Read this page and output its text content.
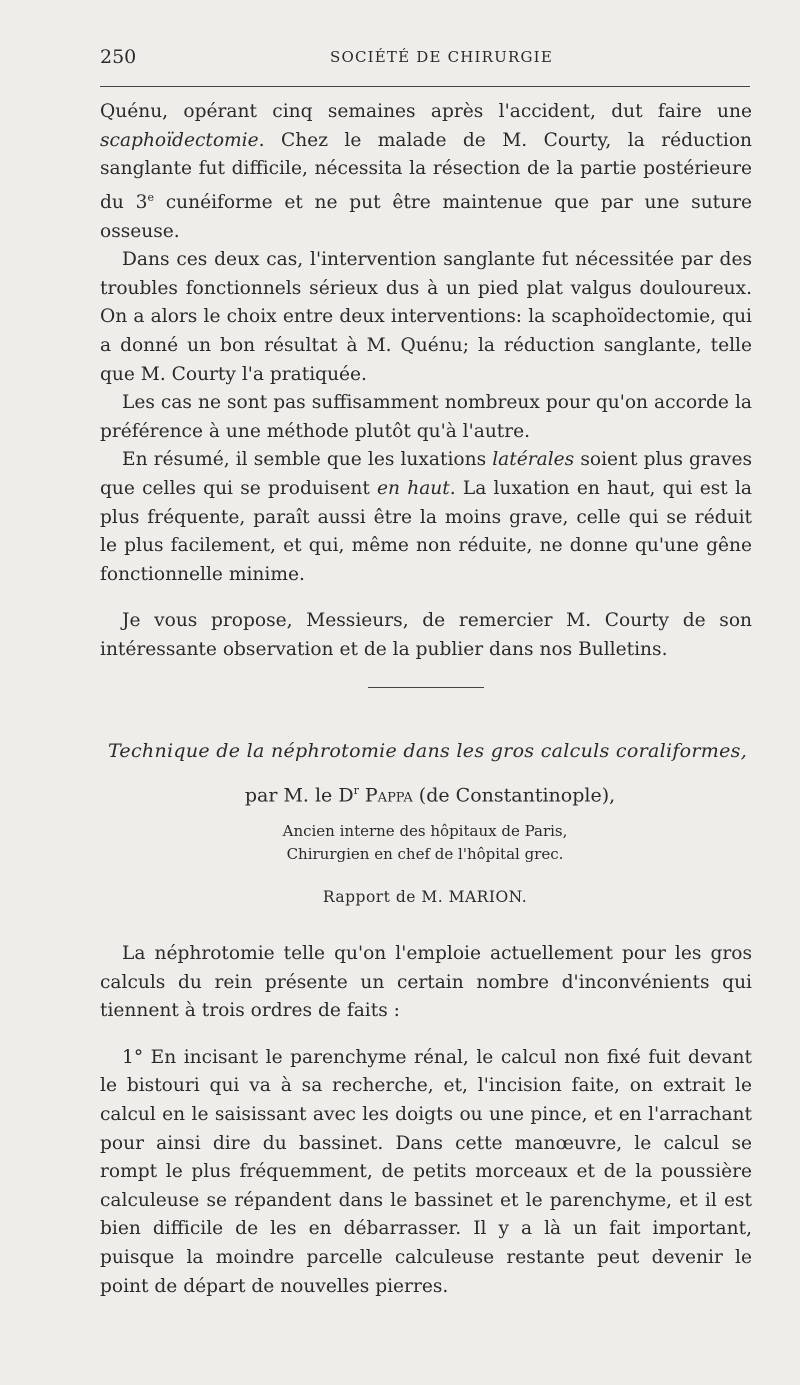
250	SOCIÉTÉ DE CHIRURGIE

Quénu, opérant cinq semaines après l'accident, dut faire une scaphoïdectomie. Chez le malade de M. Courty, la réduction sanglante fut difficile, nécessita la résection de la partie postérieure du 3e cunéiforme et ne put être maintenue que par une suture osseuse.

Dans ces deux cas, l'intervention sanglante fut nécessitée par des troubles fonctionnels sérieux dus à un pied plat valgus douloureux. On a alors le choix entre deux interventions: la scaphoïdectomie, qui a donné un bon résultat à M. Quénu; la réduction sanglante, telle que M. Courty l'a pratiquée.

Les cas ne sont pas suffisamment nombreux pour qu'on accorde la préférence à une méthode plutôt qu'à l'autre.

En résumé, il semble que les luxations latérales soient plus graves que celles qui se produisent en haut. La luxation en haut, qui est la plus fréquente, paraît aussi être la moins grave, celle qui se réduit le plus facilement, et qui, même non réduite, ne donne qu'une gêne fonctionnelle minime.

Je vous propose, Messieurs, de remercier M. Courty de son intéressante observation et de la publier dans nos Bulletins.

Technique de la néphrotomie dans les gros calculs coraliformes,
par M. le $D^r$ Pappa (de Constantinople),
Ancien interne des hôpitaux de Paris,
Chirurgien en chef de l'hôpital grec.
Rapport de M. MARION.

La néphrotomie telle qu'on l'emploie actuellement pour les gros calculs du rein présente un certain nombre d'inconvénients qui tiennent à trois ordres de faits :

1° En incisant le parenchyme rénal, le calcul non fixé fuit devant le bistouri qui va à sa recherche, et, l'incision faite, on extrait le calcul en le saisissant avec les doigts ou une pince, et en l'arrachant pour ainsi dire du bassinet. Dans cette manœuvre, le calcul se rompt le plus fréquemment, de petits morceaux et de la poussière calculeuse se répandent dans le bassinet et le parenchyme, et il est bien difficile de les en débarrasser. Il y a là un fait important, puisque la moindre parcelle calculeuse restante peut devenir le point de départ de nouvelles pierres.
